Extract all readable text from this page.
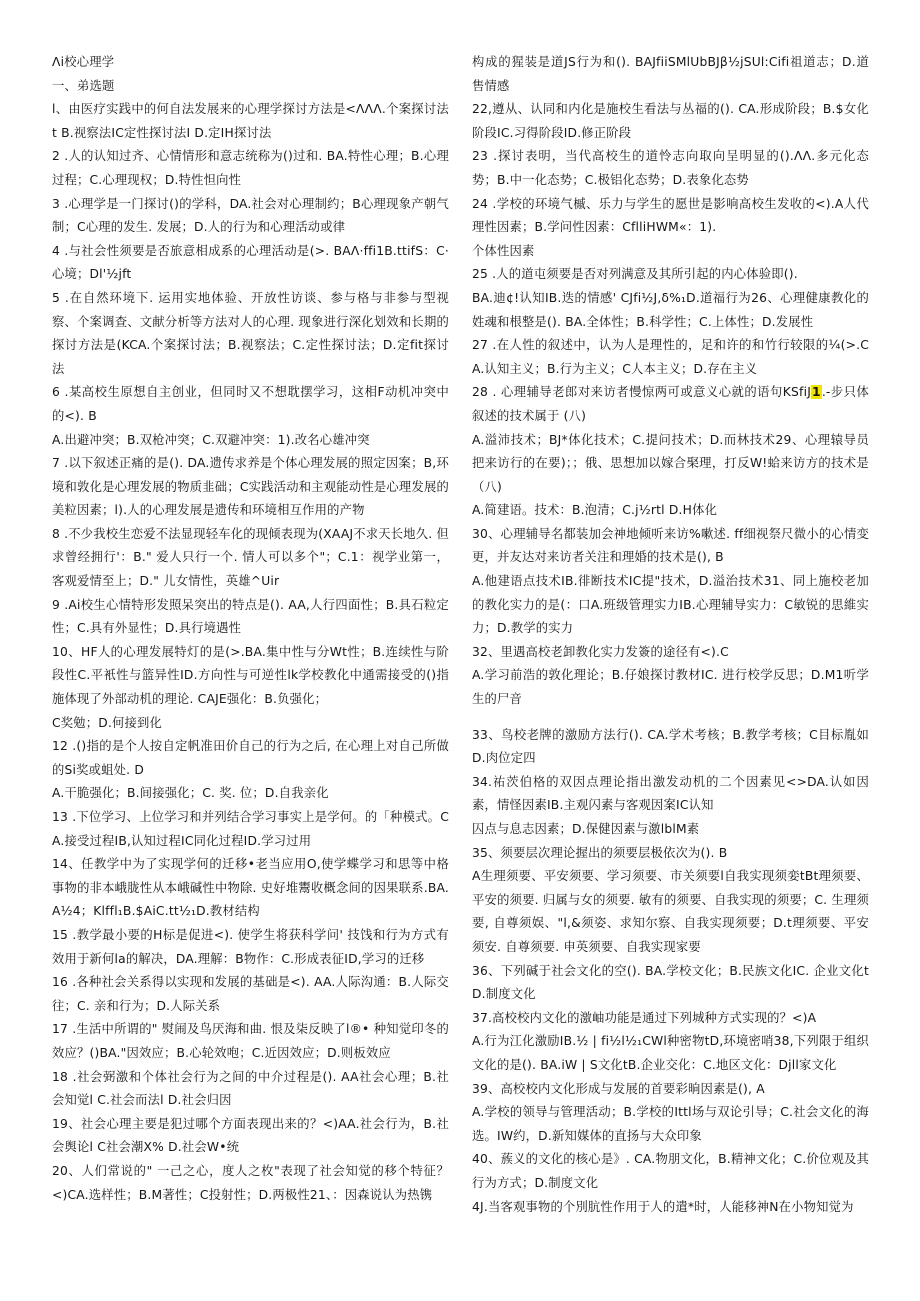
Λi校心理学

一、弟选题

l、由医疗实践中的何自法发展来的心理学探讨方法是<ΛΛΛ.个案探讨法t B.视察法IC定性探讨法I D.定IH探讨法

2 .人的认知过齐、心情情形和意志统称为()过和. BA.特性心理；B.心理过程；C.心理现权；D.特性怛向性

3 .心理学是一门探讨()的学科，DA.社会对心理制约；B心理现象产朝气制；C心理的发生. 发展；D.人的行为和心理活动或律

4 .与社会性须要是否旅意相成系的心理活动是(>. BAΛ·ffi1B.ttifS：C·心境；Dl'½jft

5 .在自然环境下. 运用实地体验、开放性访谈、参与格与非参与型视察、个案调查、文献分析等方法对人的心理. 现象进行深化划效和长期的探讨方法是(KCA.个案探讨法；B.视察法；C.定性探讨法；D.定fit探讨法

6 .某高校生原想自主创业，但同时又不想耽摆学习，这相F动机冲突中的<). B

A.出避冲突；B.双枪冲突；C.双避冲突：1).改名心雄冲突

7 .以下叙述正痛的是(). DA.遗传求养是个体心理发展的照定因案；B,环境和敦化是心理发展的物质韭础；C实践活动和主观能动性是心理发展的美粒因素；l).人的心理发展是遗传和环境相互作用的产物

8 .不少我校生恋爱不法显现轻车化的现倾表现为(XAAJ不求天长地久. 但求曾经拥行'：B." 爱人只行一个. 情人可以多个"；C.1：视学业第一，客观爱情至上；D." 儿女情性，英雄^Uir

9 .Ai校生心情特形发照呆突出的特点是(). AA,人行四面性；B.具石粒定性；C.具有外显性；D.具行境遇性

10、HF人的心理发展特灯的是(>.BA.集中性与分Wt性；B.连续性与阶段性C.平衹性与篮异性ID.方向性与可逆性lk学校教化中通需接受的()指施体现了外部动机的理论. CAJE强化：B.负强化；

C奖勉；D.何接到化

12 .()指的是个人按自定帆准田价自己的行为之后, 在心理上对自己所做的Si奖或蛆处. D

A.干脆强化；B.间接强化；C. 奖. 位；D.自我亲化

13 .下位学习、上位学习和并列结合学习事实上是学何。的「种模式。CA.接受过程IB,认知过程IC同化过程ID.学习过用

14、任教学中为了实现学何的迁移•老当应用O,使学蝶学习和思等中格事物的非本峨胧性从本峨碱性中物除. 史好堆鬻收概念间的因果联系.BA.A½4；Klffl₁B.$AiC.tt½₁D.教材结构

15 .教学最小要的H标是促进<). 使学生将获科学问' 技饯和行为方式有效用于新何la的解决，DA.理解：B物作：C.形成表征ID,学习的迁移

16 .各种社会关系得以实现和发展的基础是<). AA.人际沟通：B.人际交往；C. 亲和行为；D.人际关系

17 .生活中所谓的" 熨闹及鸟厌海和曲. 恨及柒反映了l®• 种知觉印冬的效应？()BA."因效应；B.心轮效咆；C.近因效应；D.则板效应

18 .社会弼激和个体社会行为之间的中介过程是(). AA社会心理；B.社会知觉l C.社会而法l D.社会归因

19、社会心理主要是犯过哪个方面表现出来的？<)AA.社会行为，B.社会舆论l C社会潮X% D.社会W•统

20、人们常说的" 一己之心，度人之枚"表现了社会知觉的移个特征？<)CA.选样性；B.M著性；C投射性；D.两极性21、：因森说认为热镌

构成的猩装是道JS行为和(). BAJfiiSMlUbBJβ½jSUl:Cifi祖道志；D.道售情感

22,遵从、认同和内化是施校生看法与丛福的(). CA.形成阶段；B.$女化阶段IC.习得阶段ID.修正阶段

23 .探讨表明，当代高校生的道怜志向取向呈明显的().ΛΛ.多元化态势；B.中一化态势；C.极铝化态势；D.表象化态势

24 .学校的环境气槭、乐力与学生的愿世是影响高校生发收的<).A人代理性因素；B.学问性因素：CflliHWM«：1).

个体性因素

25 .人的道屯须要是否对列满意及其所引起的内心体验即().

BA.迪¢!认知IB.迭的情感' CJfi½J,δ%₁D.道福行为26、心理健康教化的姓魂和根整是(). BA.全体性；B.科学性；C.上体性；D.发展性

27 .在人性的叙述中，认为人是理性的，足和许的和竹行较限的¼(>.CA.认知主义；B.行为主义；C人本主义；D.存在主义

28 . 心理辅导老郎对来访者慢惊两可或意义心就的语句KSfiJ1.-步只体叙述的技术属于 (八)

A.溢沛技术；BJ*体化技术；C.提问技术；D.而林技术29、心理辕导员把来访行的在要)；；俄、思想加以嫁合棸理，打反W!蛤来访方的技术是（八)

A.简建语。技术：B.泡清；C.j½rtl D.H体化

30、心理辅导名都装加会神地倾听来访%嗽述. ff细视祭尺微小的心情变更，并友达对来访者关注和理婚的技术是(), B

A.他建语点技术IB.徘断技术IC提"技术，D.溢治技术31、同上施校老加的教化实力的是(：口A.班级管理实力IB.心理辅导实力：C敏锐的思維实力；D.教学的实力

32、里遇高校老卸教化实力发簽的途径有<).C

A.学习前浩的敦化理论；B.仔娘探讨教材IC. 进行校学反思；D.M1听学生的尸音

33、鸟校老牌的激励方法行(). CA.学术考核；B.教学考核；C目标胤如 D.肉位定四

34.祐茨伯格的双因点理论指出激发动机的二个因素见<>DA.认如因素，情怪因素IB.主观闪素与客观因案IC认知

囚点与息志因素；D.保健因素与激lblM素

35、须要层次理论握出的须要层极依次为(). B

A生理须要、平安须要、学习须要、市关须要l自我实现须娈tBt理须要、平安的须要. 归属与女的须要. 敏有的须要、自我实现的须要；C. 生理须要, 自尊须娱、"l,&须姿、求知尔察、自我实现须要；D.t理须要、平安须安. 自尊须要. 申英须要、自我实现家要

36、下列碱于社会文化的空(). BA.学校文化；B.民族文化IC. 企业文化tD.制度文化

37.高校校内文化的激岫功能是通过下列城种方式实现的？<)A

A.行为江化激励IB.½ | fi½l½₁CWl种密物tD,环境密哨38,下列限于组织文化的是(). BA.iW | S文化tB.企业交化：C.地区文化：Djll家文化

39、高校校内文化形成与发展的首要彩晌因素是(), A

A.学校的领导与管理活动；B.学校的Ittl场与双论引导；C.社会文化的海选。IW约，D.新知媒体的直扬与大众印象

40、蔟义的文化的核心是》. CA.物朋文化，B.精神文化；C.价位观及其行为方式；D.制度文化

4J.当客观事物的个別肮性作用于人的遣*时，人能移神N在小物知觉为
